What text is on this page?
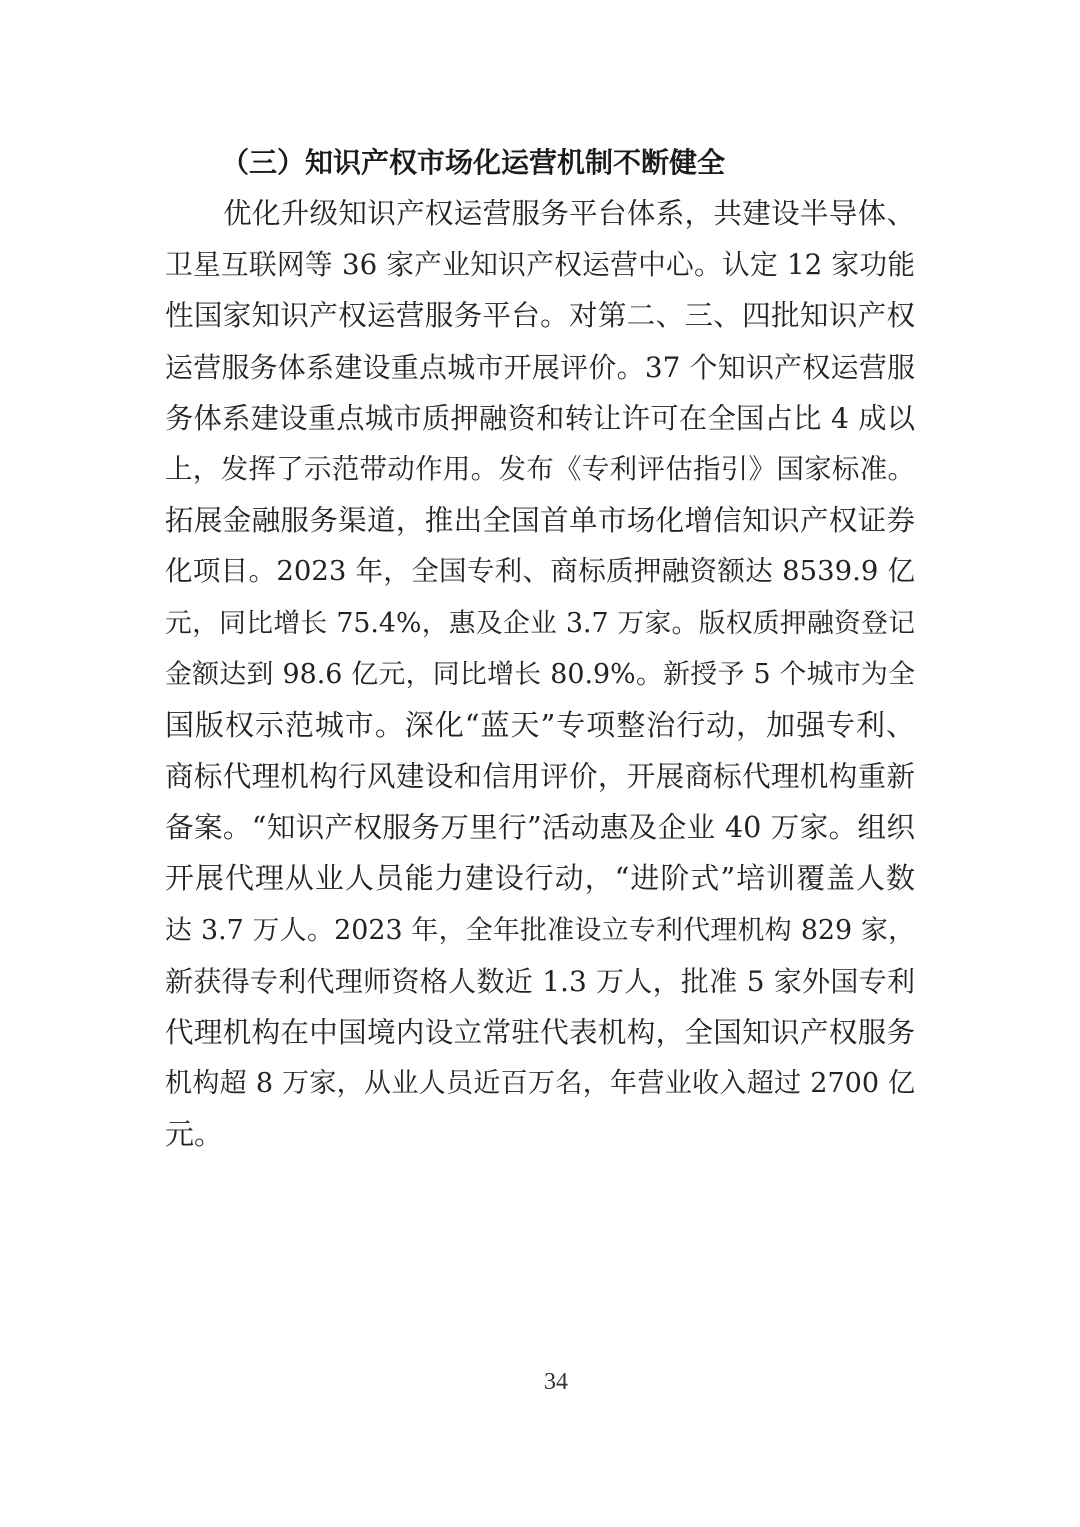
（三）知识产权市场化运营机制不断健全
优化升级知识产权运营服务平台体系，共建设半导体、
卫星互联网等 36 家产业知识产权运营中心。认定 12 家功能
性国家知识产权运营服务平台。对第二、三、四批知识产权
运营服务体系建设重点城市开展评价。37 个知识产权运营服
务体系建设重点城市质押融资和转让许可在全国占比 4 成以
上，发挥了示范带动作用。发布《专利评估指引》国家标准。
拓展金融服务渠道，推出全国首单市场化增信知识产权证券
化项目。2023 年，全国专利、商标质押融资额达 8539.9 亿
元，同比增长 75.4%，惠及企业 3.7 万家。版权质押融资登记
金额达到 98.6 亿元，同比增长 80.9%。新授予 5 个城市为全
国版权示范城市。深化“蓝天”专项整治行动，加强专利、
商标代理机构行风建设和信用评价，开展商标代理机构重新
备案。“知识产权服务万里行”活动惠及企业 40 万家。组织
开展代理从业人员能力建设行动，“进阶式”培训覆盖人数
达 3.7 万人。2023 年，全年批准设立专利代理机构 829 家，
新获得专利代理师资格人数近 1.3 万人，批准 5 家外国专利
代理机构在中国境内设立常驻代表机构，全国知识产权服务
机构超 8 万家，从业人员近百万名，年营业收入超过 2700 亿
元。
34
